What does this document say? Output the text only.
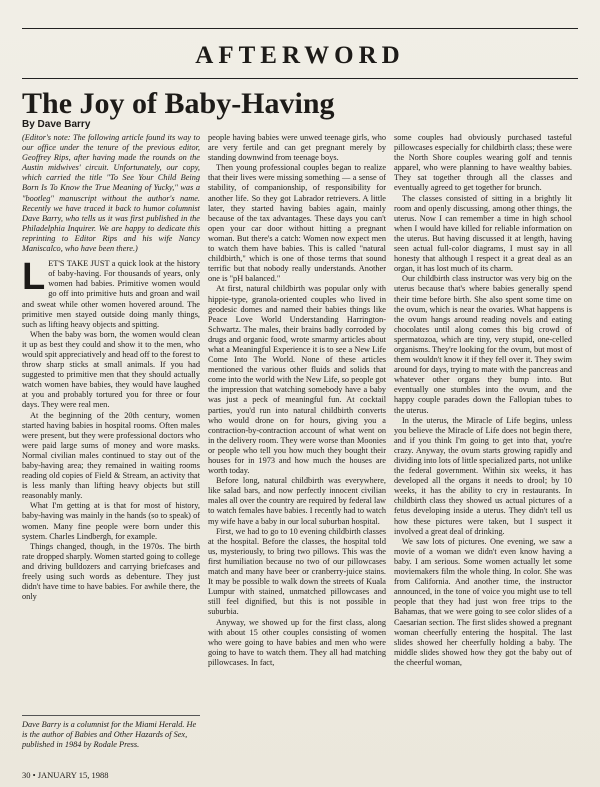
AFTERWORD
The Joy of Baby-Having
By Dave Barry

(Editor's note: The following article found its way to our office under the tenure of the previous editor, Geoffrey Rips, after having made the rounds on the Austin midwives' circuit. Unfortunately, our copy, which carried the title "To See Your Child Being Born Is To Know the True Meaning of Yucky," was a "bootleg" manuscript without the author's name. Recently we have traced it back to humor columnist Dave Barry, who tells us it was first published in the Philadelphia Inquirer. We are happy to dedicate this reprinting to Editor Rips and his wife Nancy Maniscalco, who have been there.)

LET'S TAKE JUST a quick look at the history of baby-having. For thousands of years, only women had babies. Primitive women would go off into primitive huts and groan and wail and sweat while other women hovered around. The primitive men stayed outside doing manly things, such as lifting heavy objects and spitting.

When the baby was born, the women would clean it up as best they could and show it to the men, who would spit appreciatively and head off to the forest to throw sharp sticks at small animals. If you had suggested to primitive men that they should actually watch women have babies, they would have laughed at you and probably tortured you for three or four days. They were real men.

At the beginning of the 20th century, women started having babies in hospital rooms. Often males were present, but they were professional doctors who were paid large sums of money and wore masks. Normal civilian males continued to stay out of the baby-having area; they remained in waiting rooms reading old copies of Field & Stream, an activity that is less manly than lifting heavy objects but still reasonably manly.

What I'm getting at is that for most of history, baby-having was mainly in the hands (so to speak) of women. Many fine people were born under this system. Charles Lindbergh, for example.

Things changed, though, in the 1970s. The birth rate dropped sharply. Women started going to college and driving bulldozers and carrying briefcases and freely using such words as debenture. They just didn't have time to have babies. For awhile there, the only

people having babies were unwed teenage girls, who are very fertile and can get pregnant merely by standing downwind from teenage boys.

Then young professional couples began to realize that their lives were missing something — a sense of stability, of companionship, of responsibility for another life. So they got Labrador retrievers. A little later, they started having babies again, mainly because of the tax advantages. These days you can't open your car door without hitting a pregnant woman. But there's a catch: Women now expect men to watch them have babies. This is called "natural childbirth," which is one of those terms that sound terrific but that nobody really understands. Another one is "pH balanced."

At first, natural childbirth was popular only with hippie-type, granola-oriented couples who lived in geodesic domes and named their babies things like Peace Love World Understanding Harrington-Schwartz. The males, their brains badly corroded by drugs and organic food, wrote smarmy articles about what a Meaningful Experience it is to see a New Life Come Into The World. None of these articles mentioned the various other fluids and solids that come into the world with the New Life, so people got the impression that watching somebody have a baby was just a peck of meaningful fun. At cocktail parties, you'd run into natural childbirth converts who would drone on for hours, giving you a contraction-by-contraction account of what went on in the delivery room. They were worse than Moonies or people who tell you how much they bought their houses for in 1973 and how much the houses are worth today.

Before long, natural childbirth was everywhere, like salad bars, and now perfectly innocent civilian males all over the country are required by federal law to watch females have babies. I recently had to watch my wife have a baby in our local suburban hospital.

First, we had to go to 10 evening childbirth classes at the hospital. Before the classes, the hospital told us, mysteriously, to bring two pillows. This was the first humiliation because no two of our pillowcases match and many have beer or cranberry-juice stains. It may be possible to walk down the streets of Kuala Lumpur with stained, unmatched pillowcases and still feel dignified, but this is not possible in suburbia.

Anyway, we showed up for the first class, along with about 15 other couples consisting of women who were going to have babies and men who were going to have to watch them. They all had matching pillowcases. In fact,

some couples had obviously purchased tasteful pillowcases especially for childbirth class; these were the North Shore couples wearing golf and tennis apparel, who were planning to have wealthy babies. They sat together through all the classes and eventually agreed to get together for brunch.

The classes consisted of sitting in a brightly lit room and openly discussing, among other things, the uterus. Now I can remember a time in high school when I would have killed for reliable information on the uterus. But having discussed it at length, having seen actual full-color diagrams, I must say in all honesty that although I respect it a great deal as an organ, it has lost much of its charm.

Our childbirth class instructor was very big on the uterus because that's where babies generally spend their time before birth. She also spent some time on the ovum, which is near the ovaries. What happens is the ovum hangs around reading novels and eating chocolates until along comes this big crowd of spermatozoa, which are tiny, very stupid, one-celled organisms. They're looking for the ovum, but most of them wouldn't know it if they fell over it. They swim around for days, trying to mate with the pancreas and whatever other organs they bump into. But eventually one stumbles into the ovum, and the happy couple parades down the Fallopian tubes to the uterus.

In the uterus, the Miracle of Life begins, unless you believe the Miracle of Life does not begin there, and if you think I'm going to get into that, you're crazy. Anyway, the ovum starts growing rapidly and dividing into lots of little specialized parts, not unlike the federal government. Within six weeks, it has developed all the organs it needs to drool; by 10 weeks, it has the ability to cry in restaurants. In childbirth class they showed us actual pictures of a fetus developing inside a uterus. They didn't tell us how these pictures were taken, but I suspect it involved a great deal of drinking.

We saw lots of pictures. One evening, we saw a movie of a woman we didn't even know having a baby. I am serious. Some women actually let some moviemakers film the whole thing. In color. She was from California. And another time, the instructor announced, in the tone of voice you might use to tell people that they had just won free trips to the Bahamas, that we were going to see color slides of a Caesarian section. The first slides showed a pregnant woman cheerfully entering the hospital. The last slides showed her cheerfully holding a baby. The middle slides showed how they got the baby out of the cheerful woman,

Dave Barry is a columnist for the Miami Herald. He is the author of Babies and Other Hazards of Sex, published in 1984 by Rodale Press.
30 • JANUARY 15, 1988
